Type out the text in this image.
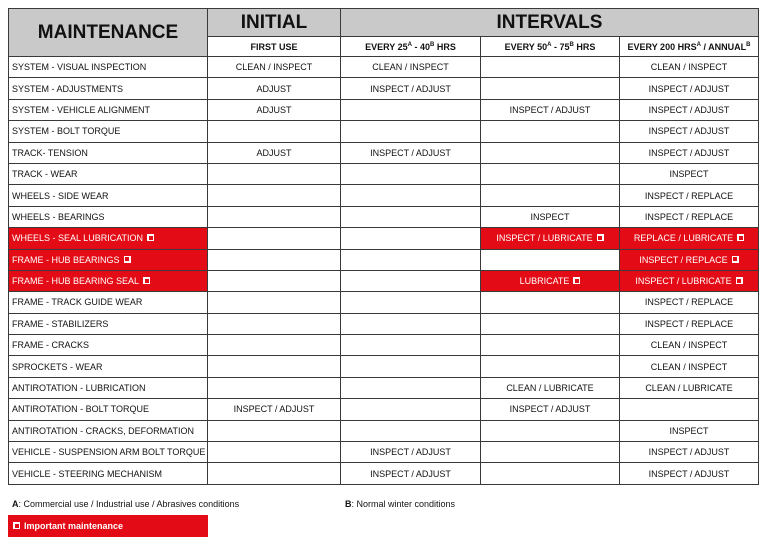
MAINTENANCE	INITIAL	INTERVALS		
	FIRST USE	EVERY $25^A - 40^B$ HRS	EVERY $50^A - 75^B$ HRS	EVERY 200 $HRS^A$ / $ANNUAL^B$
SYSTEM - VISUAL INSPECTION	CLEAN / INSPECT	CLEAN / INSPECT		CLEAN / INSPECT
SYSTEM - ADJUSTMENTS	ADJUST	INSPECT / ADJUST		INSPECT / ADJUST
SYSTEM - VEHICLE ALIGNMENT	ADJUST		INSPECT / ADJUST	INSPECT / ADJUST
SYSTEM - BOLT TORQUE				INSPECT / ADJUST
TRACK- TENSION	ADJUST	INSPECT / ADJUST		INSPECT / ADJUST
TRACK - WEAR				INSPECT
WHEELS - SIDE WEAR				INSPECT / REPLACE
WHEELS - BEARINGS			INSPECT	INSPECT / REPLACE
WHEELS - SEAL LUBRICATION			INSPECT / LUBRICATE	REPLACE / LUBRICATE
FRAME - HUB BEARINGS				INSPECT / REPLACE
FRAME - HUB BEARING SEAL			LUBRICATE	INSPECT / LUBRICATE
FRAME - TRACK GUIDE WEAR				INSPECT / REPLACE
FRAME - STABILIZERS				INSPECT / REPLACE
FRAME - CRACKS				CLEAN / INSPECT
SPROCKETS - WEAR				CLEAN / INSPECT
ANTIROTATION - LUBRICATION			CLEAN / LUBRICATE	CLEAN / LUBRICATE
ANTIROTATION - BOLT TORQUE	INSPECT / ADJUST		INSPECT / ADJUST	
ANTIROTATION - CRACKS, DEFORMATION				INSPECT
VEHICLE - SUSPENSION ARM BOLT TORQUE		INSPECT / ADJUST		INSPECT / ADJUST
VEHICLE - STEERING MECHANISM		INSPECT / ADJUST		INSPECT / ADJUST
A: Commercial use / Industrial use / Abrasives conditions	B: Normal winter conditions
Important maintenance
